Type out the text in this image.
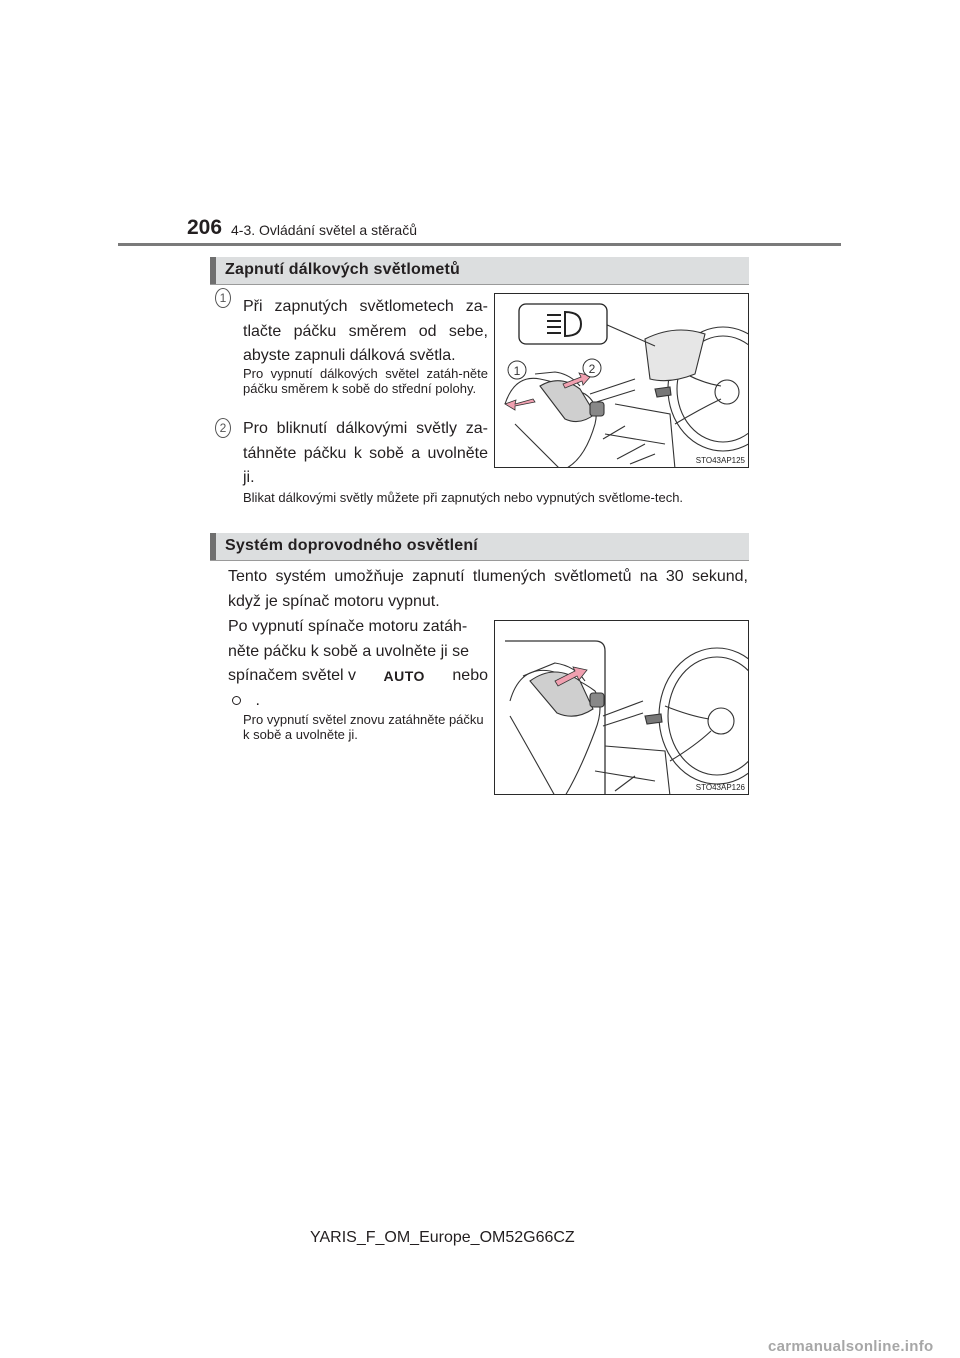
206 4-3. Ovládání světel a stěračů
Zapnutí dálkových světlometů
1 Při zapnutých světlometech za-tlačte páčku směrem od sebe, abyste zapnuli dálková světla.
Pro vypnutí dálkových světel zatáh-něte páčku směrem k sobě do střední polohy.
2 Pro bliknutí dálkovými světly za-táhněte páčku k sobě a uvolněte ji.
Blikat dálkovými světly můžete při zapnutých nebo vypnutých světlome-tech.
1	2
STO43AP125
Systém doprovodného osvětlení
Tento systém umožňuje zapnutí tlumených světlometů na 30 sekund, když je spínač motoru vypnut.
Po vypnutí spínače motoru zatáh-
něte páčku k sobě a uvolněte ji se
spínačem světel v AUTO nebo
.
Pro vypnutí světel znovu zatáhněte páčku k sobě a uvolněte ji.
STO43AP126
YARIS_F_OM_Europe_OM52G66CZ
carmanualsonline.info
